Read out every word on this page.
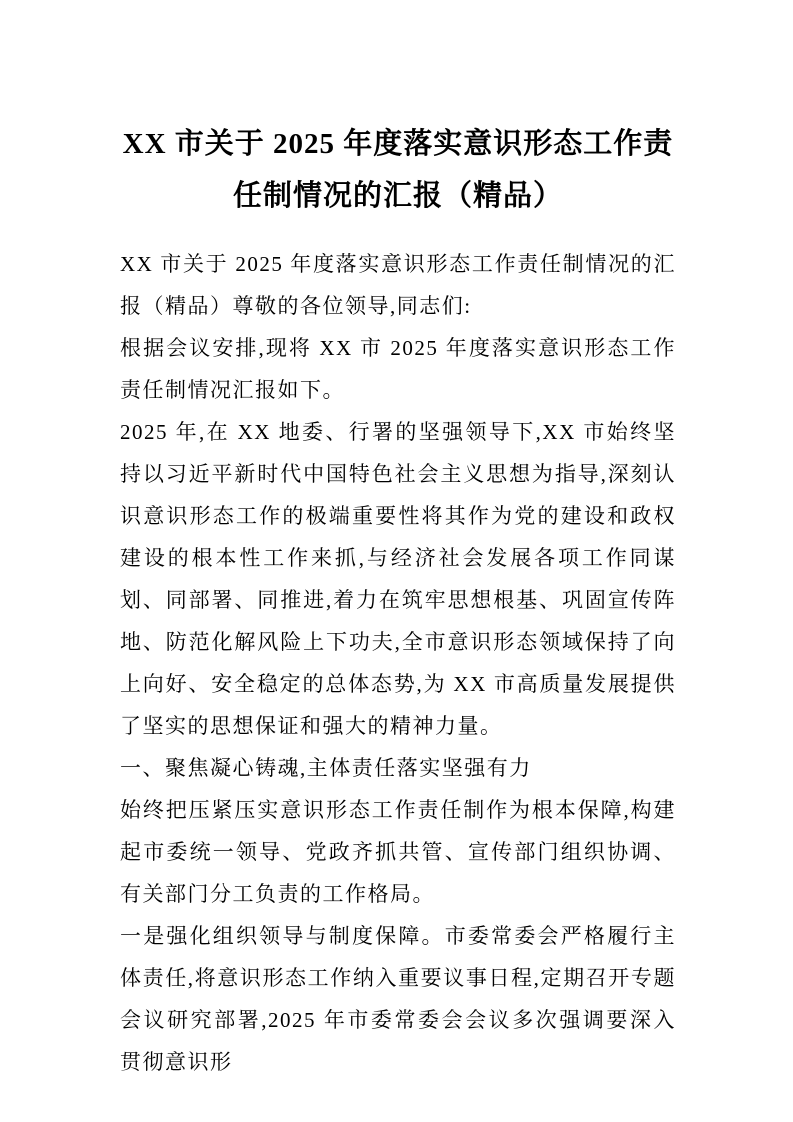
XX 市关于 2025 年度落实意识形态工作责任制情况的汇报（精品）

XX 市关于 2025 年度落实意识形态工作责任制情况的汇报（精品）尊敬的各位领导,同志们:

根据会议安排,现将 XX 市 2025 年度落实意识形态工作责任制情况汇报如下。

2025 年,在 XX 地委、行署的坚强领导下,XX 市始终坚持以习近平新时代中国特色社会主义思想为指导,深刻认识意识形态工作的极端重要性将其作为党的建设和政权建设的根本性工作来抓,与经济社会发展各项工作同谋划、同部署、同推进,着力在筑牢思想根基、巩固宣传阵地、防范化解风险上下功夫,全市意识形态领域保持了向上向好、安全稳定的总体态势,为 XX 市高质量发展提供了坚实的思想保证和强大的精神力量。

一、聚焦凝心铸魂,主体责任落实坚强有力

始终把压紧压实意识形态工作责任制作为根本保障,构建起市委统一领导、党政齐抓共管、宣传部门组织协调、有关部门分工负责的工作格局。

一是强化组织领导与制度保障。市委常委会严格履行主体责任,将意识形态工作纳入重要议事日程,定期召开专题会议研究部署,2025 年市委常委会会议多次强调要深入贯彻意识形
